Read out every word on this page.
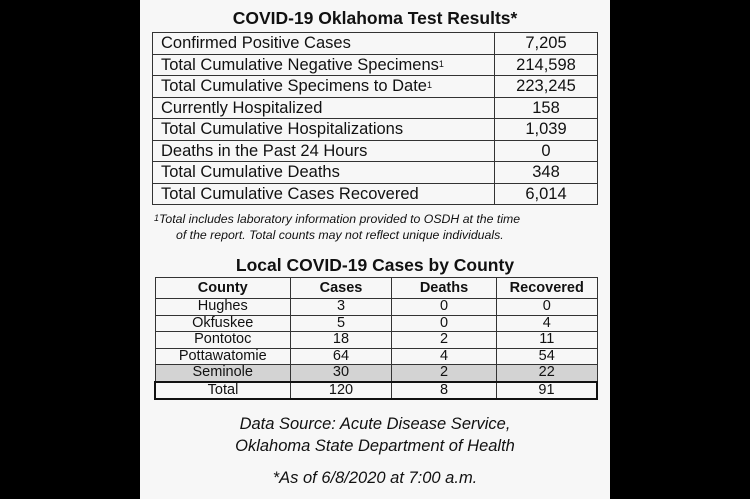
COVID-19 Oklahoma Test Results*
Confirmed Positive Cases	7,205
Total Cumulative Negative Specimens$^1$	214,598
Total Cumulative Specimens to Date$^1$	223,245
Currently Hospitalized	158
Total Cumulative Hospitalizations	1,039
Deaths in the Past 24 Hours	0
Total Cumulative Deaths	348
Total Cumulative Cases Recovered	6,014
$^1$Total includes laboratory information provided to OSDH at the time
of the report. Total counts may not reflect unique individuals.
Local COVID-19 Cases by County
County	Cases	Deaths	Recovered
Hughes	3	0	0
Okfuskee	5	0	4
Pontotoc	18	2	11
Pottawatomie	64	4	54
Seminole	30	2	22
Total	120	8	91
Data Source: Acute Disease Service,
Oklahoma State Department of Health
*As of 6/8/2020 at 7:00 a.m.
